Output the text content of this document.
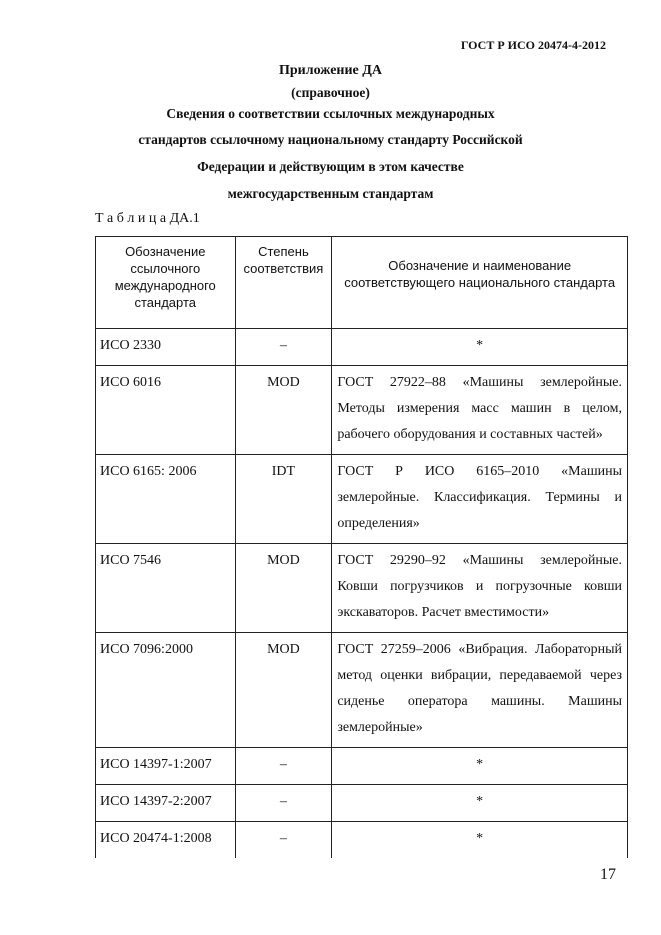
ГОСТ Р ИСО 20474-4-2012
Приложение ДА
(справочное)
Сведения о соответствии ссылочных международных
стандартов ссылочному национальному стандарту Российской
Федерации и действующим в этом качестве
межгосударственным стандартам
Т а б л и ц а ДА.1
Обозначение ссылочного международного стандарта	Степень соответствия	Обозначение и наименование соответствующего национального стандарта
ИСО 2330	–	*
ИСО 6016	MOD	ГОСТ 27922–88 «Машины землеройные. Методы измерения масс машин в целом, рабочего оборудования и составных частей»
ИСО 6165: 2006	IDT	ГОСТ Р ИСО 6165–2010 «Машины землеройные. Классификация. Термины и определения»
ИСО 7546	MOD	ГОСТ 29290–92 «Машины землеройные. Ковши погрузчиков и погрузочные ковши экскаваторов. Расчет вместимости»
ИСО 7096:2000	MOD	ГОСТ 27259–2006 «Вибрация. Лабораторный метод оценки вибрации, передаваемой через сиденье оператора машины. Машины землеройные»
ИСО 14397-1:2007	–	*
ИСО 14397-2:2007	–	*
ИСО 20474-1:2008	–	*
17
